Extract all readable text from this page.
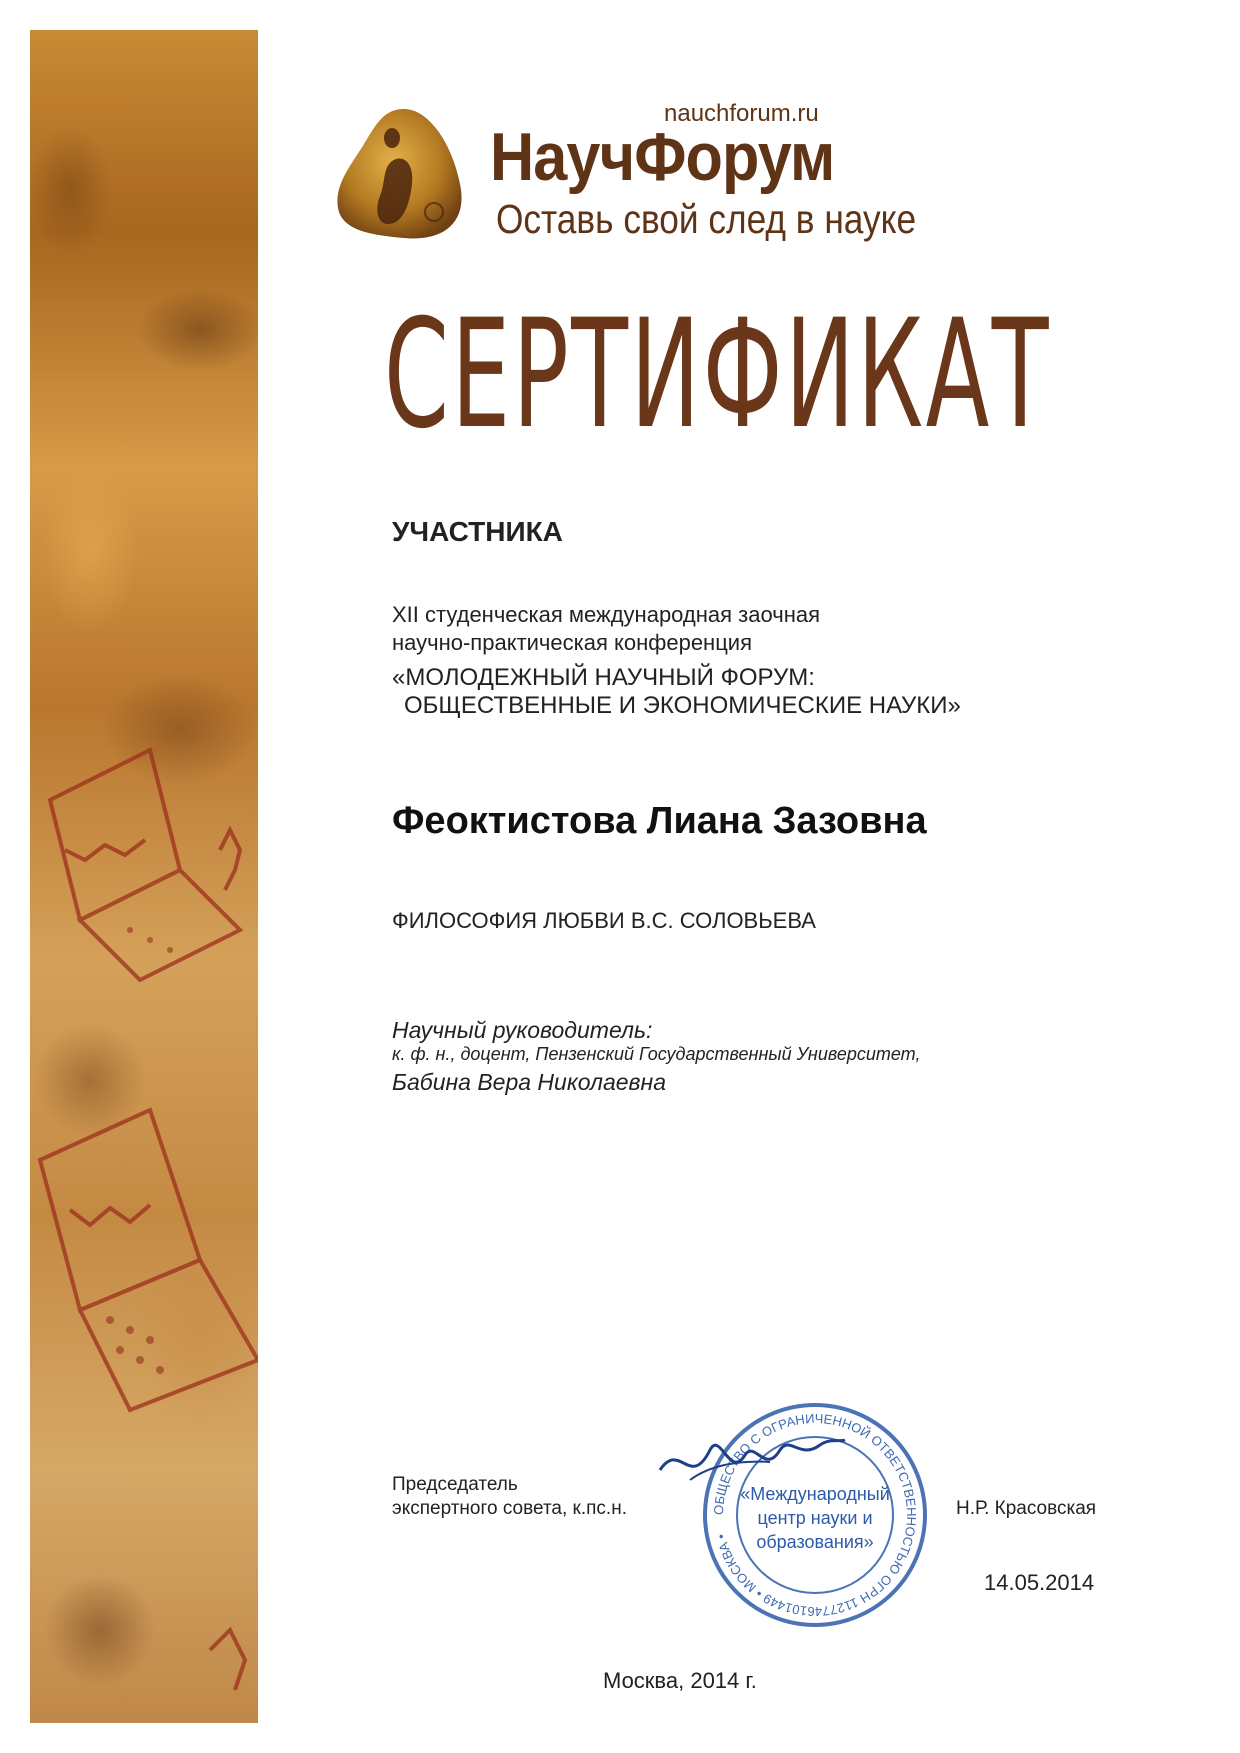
nauchforum.ru
НаучФорум
Оставь свой след в науке
СЕРТИФИКАТ
УЧАСТНИКА
XII студенческая международная заочная
научно-практическая конференция
«МОЛОДЕЖНЫЙ НАУЧНЫЙ ФОРУМ:
ОБЩЕСТВЕННЫЕ И ЭКОНОМИЧЕСКИЕ НАУКИ»
Феоктистова Лиана Зазовна
ФИЛОСОФИЯ ЛЮБВИ В.С. СОЛОВЬЕВА
Научный руководитель:
к. ф. н., доцент, Пензенский Государственный Университет,
Бабина Вера Николаевна
Председатель
экспертного совета, к.пс.н.	ОБЩЕСТВО С ОГРАНИЧЕННОЙ ОТВЕТСТВЕННОСТЬЮ ОГРН 1127746101449 • МОСКВА •
«Международный
центр науки и
образования»
Н.Р. Красовская
14.05.2014
Москва, 2014 г.
